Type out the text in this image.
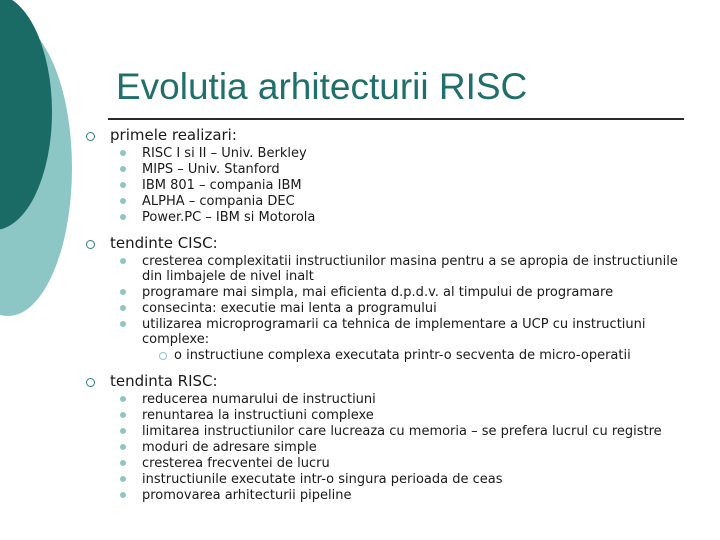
Evolutia arhitecturii RISC
primele realizari:
RISC I si II – Univ. Berkley
MIPS – Univ. Stanford
IBM 801 – compania IBM
ALPHA – compania DEC
Power.PC – IBM si Motorola
tendinte CISC:
cresterea complexitatii instructiunilor masina pentru a se apropia de instructiunile din limbajele de nivel inalt
programare mai simpla, mai eficienta d.p.d.v. al timpului de programare
consecinta: executie mai lenta a programului
utilizarea microprogramarii ca tehnica de implementare a UCP cu instructiuni complexe:
o instructiune complexa executata printr-o secventa de micro-operatii
tendinta RISC:
reducerea numarului de instructiuni
renuntarea la instructiuni complexe
limitarea instructiunilor care lucreaza cu memoria – se prefera lucrul cu registre
moduri de adresare simple
cresterea frecventei de lucru
instructiunile executate intr-o singura perioada de ceas
promovarea arhitecturii pipeline
